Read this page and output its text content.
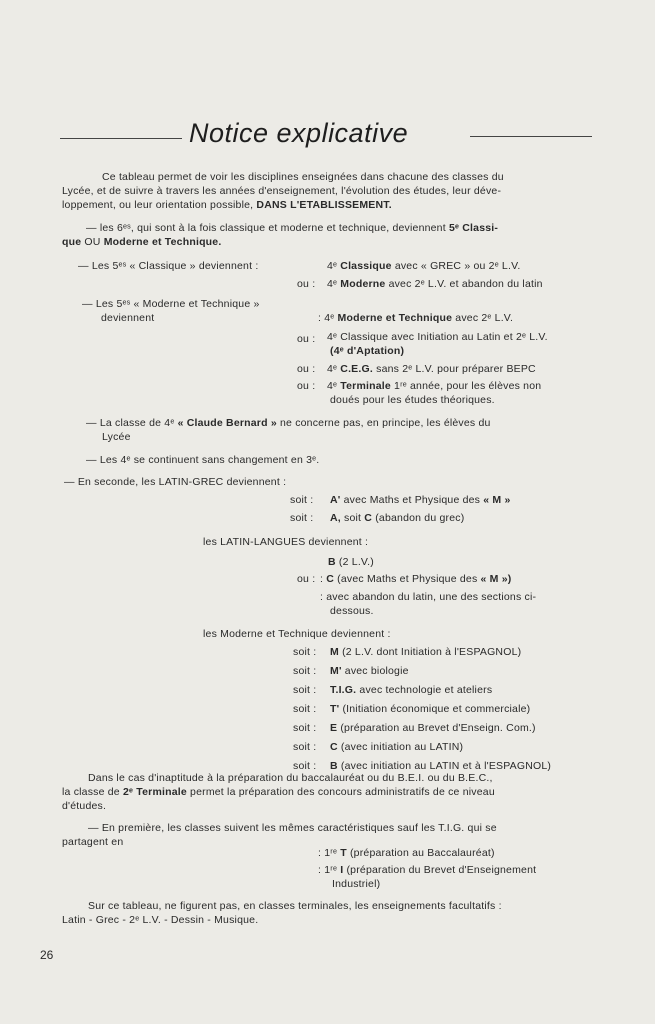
Notice explicative
Ce tableau permet de voir les disciplines enseignées dans chacune des classes du
Lycée, et de suivre à travers les années d'enseignement, l'évolution des études, leur déve-
loppement, ou leur orientation possible, DANS L'ETABLISSEMENT.
— les 6ᵉˢ, qui sont à la fois classique et moderne et technique, deviennent 5ᵉ Classi-
que OU Moderne et Technique.
— Les 5ᵉˢ « Classique » deviennent :	4ᵉ Classique avec « GREC » ou 2ᵉ L.V.
ou : 4ᵉ Moderne avec 2ᵉ L.V. et abandon du latin
— Les 5ᵉˢ « Moderne et Technique »
deviennent	: 4ᵉ Moderne et Technique avec 2ᵉ L.V.
ou : 4ᵉ Classique avec Initiation au Latin et 2ᵉ L.V.
(4ᵉ d'Aptation)
ou : 4ᵉ C.E.G. sans 2ᵉ L.V. pour préparer BEPC
ou : 4ᵉ Terminale 1ʳᵉ année, pour les élèves non
doués pour les études théoriques.
— La classe de 4ᵉ « Claude Bernard » ne concerne pas, en principe, les élèves du
Lycée
— Les 4ᵉ se continuent sans changement en 3ᵉ.
— En seconde, les LATIN-GREC deviennent :
soit : A' avec Maths et Physique des « M »
soit : A, soit C (abandon du grec)
les LATIN-LANGUES deviennent :
B (2 L.V.)
ou : : C (avec Maths et Physique des « M »)
: avec abandon du latin, une des sections ci-
dessous.
les Moderne et Technique deviennent :
soit : M (2 L.V. dont Initiation à l'ESPAGNOL)
soit : M' avec biologie
soit : T.I.G. avec technologie et ateliers
soit : T' (Initiation économique et commerciale)
soit : E (préparation au Brevet d'Enseign. Com.)
soit : C (avec initiation au LATIN)
soit : B (avec initiation au LATIN et à l'ESPAGNOL)
Dans le cas d'inaptitude à la préparation du baccalauréat ou du B.E.I. ou du B.E.C.,
la classe de 2ᵉ Terminale permet la préparation des concours administratifs de ce niveau
d'études.
— En première, les classes suivent les mêmes caractéristiques sauf les T.I.G. qui se
partagent en
: 1ʳᵉ T (préparation au Baccalauréat)
: 1ʳᵉ I (préparation du Brevet d'Enseignement
Industriel)
Sur ce tableau, ne figurent pas, en classes terminales, les enseignements facultatifs :
Latin - Grec - 2ᵉ L.V. - Dessin - Musique.
26
